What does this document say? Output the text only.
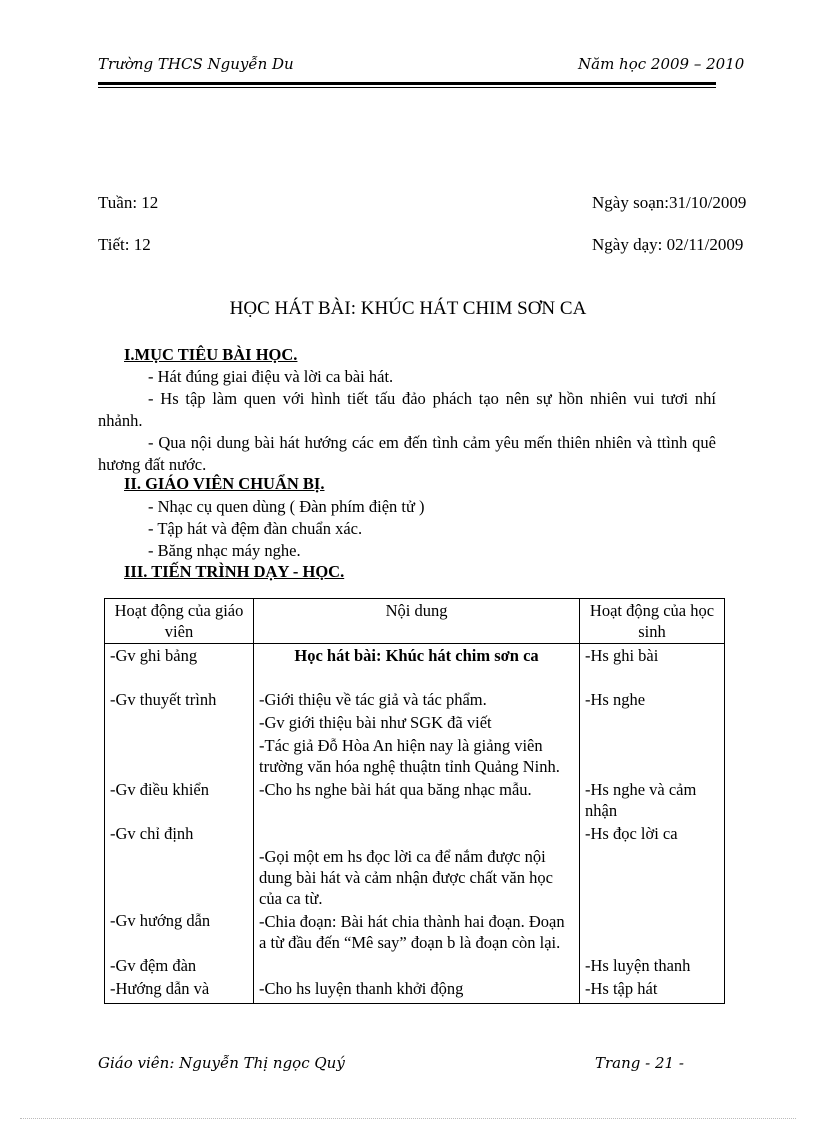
Trường THCS Nguyễn Du	Năm học 2009 – 2010
Tuần: 12	Ngày soạn:31/10/2009
Tiết: 12	Ngày dạy: 02/11/2009
HỌC HÁT BÀI: KHÚC HÁT CHIM SƠN CA
I.MỤC TIÊU BÀI HỌC.
- Hát đúng giai điệu và lời ca bài hát.
- Hs tập làm quen với hình tiết tấu đảo phách tạo nên sự hồn nhiên vui tươi nhí nhảnh.
- Qua nội dung bài hát hướng các em đến tình cảm yêu mến thiên nhiên và ttình quê hương đất nước.
II. GIÁO VIÊN CHUẨN BỊ.
- Nhạc cụ quen dùng ( Đàn phím điện tử )
- Tập hát và đệm đàn chuẩn xác.
- Băng nhạc máy nghe.
III. TIẾN TRÌNH DẠY - HỌC.
Hoạt động của giáo viên	Nội dung	Hoạt động của học sinh
-Gv ghi bảng	Học hát bài: Khúc hát chim sơn ca	-Hs ghi bài
-Gv thuyết trình	-Giới thiệu về tác giả và tác phẩm.	-Hs nghe
	-Gv giới thiệu bài như SGK đã viết	
	-Tác giả Đỗ Hòa An hiện nay là giảng viên trường văn hóa nghệ thuậtn tỉnh Quảng Ninh.	
-Gv điều khiển	-Cho hs nghe bài hát qua băng nhạc mẫu.	-Hs nghe và cảm nhận
-Gv chỉ định		-Hs đọc lời ca
	-Gọi một em hs đọc lời ca để nắm được nội dung bài hát và cảm nhận được chất văn học của ca từ.	
-Gv hướng dẫn	-Chia đoạn: Bài hát chia thành hai đoạn. Đoạn a từ đầu đến “Mê say” đoạn b là đoạn còn lại.	
-Gv đệm đàn		-Hs luyện thanh
-Hướng dẫn và	-Cho hs luyện thanh khởi động	-Hs tập hát
Giáo viên: Nguyễn Thị ngọc Quý	Trang - 21 -
